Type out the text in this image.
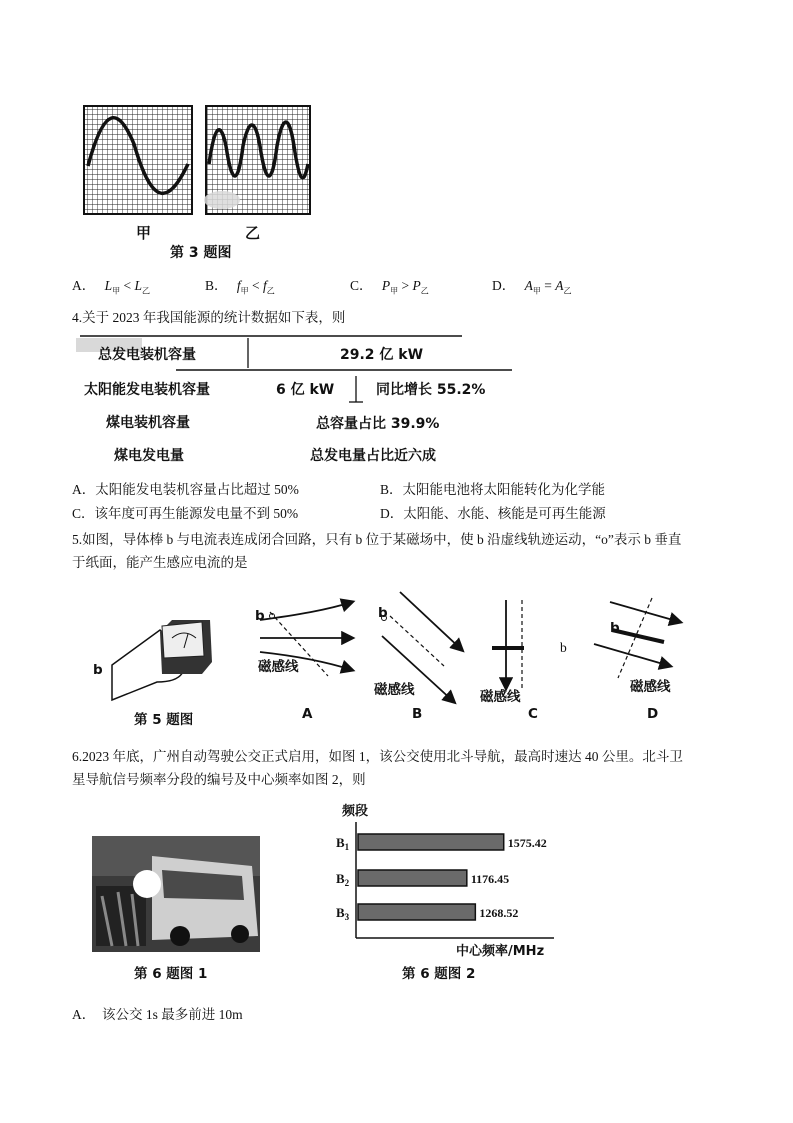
甲	乙
第 3 题图
A． $L_甲 < L_乙$	B． $f_甲 < f_乙$	C． $P_甲 > P_乙$	D． $A_甲 = A_乙$
4.关于 2023 年我国能源的统计数据如下表，则
总发电装机容量	29.2 亿 kW
太阳能发电装机容量	6 亿 kW	同比增长 55.2%
煤电装机容量	总容量占比 39.9%
煤电发电量	总发电量占比近六成
A．太阳能发电装机容量占比超过 50%	B．太阳能电池将太阳能转化为化学能
C．该年度可再生能源发电量不到 50%	D．太阳能、水能、核能是可再生能源
5.如图，导体棒 b 与电流表连成闭合回路，只有 b 位于某磁场中，使 b 沿虚线轨迹运动，“o”表示 b 垂直
于纸面，能产生感应电流的是
b
b	b
b
b
磁感线
磁感线	磁感线
磁感线
第 5 题图	A	B	C	D
6.2023 年底，广州自动驾驶公交正式启用，如图 1，该公交使用北斗导航，最高时速达 40 公里。北斗卫
星导航信号频率分段的编号及中心频率如图 2，则
第 6 题图 1
1575.42
$B_1$
1176.45
$B_2$
1268.52
$B_3$
频段
中心频率/MHz
第 6 题图 2
A．　该公交 1s 最多前进 10m
